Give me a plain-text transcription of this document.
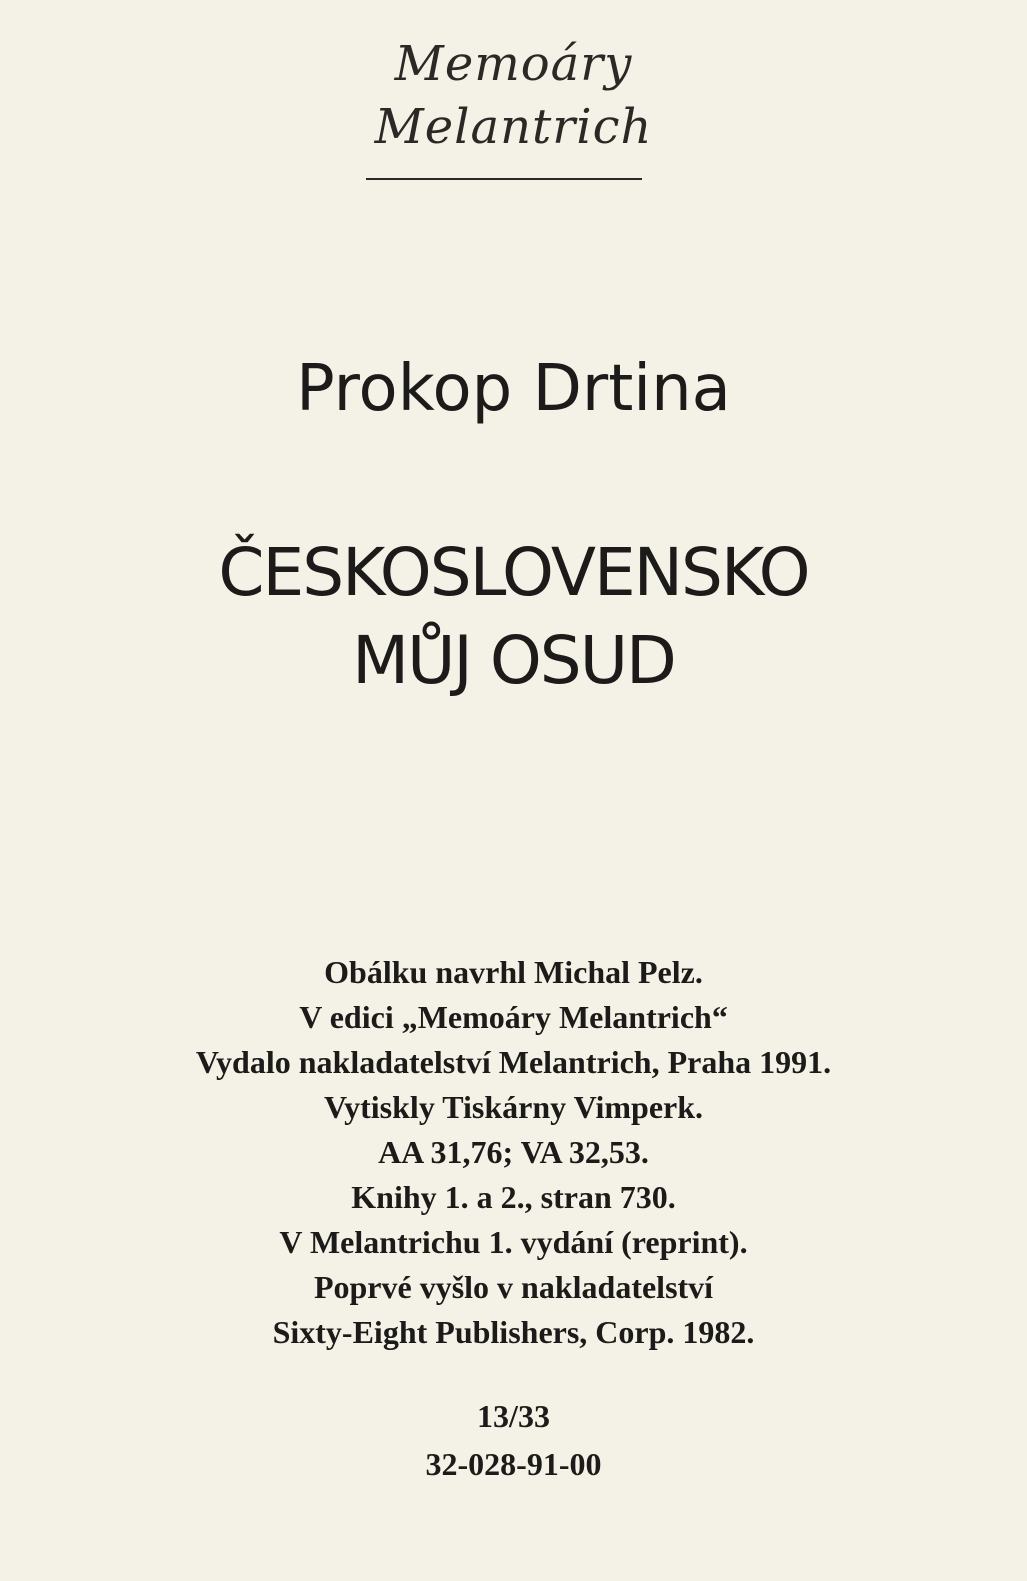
Memoáry
Melantrich
Prokop Drtina
ČESKOSLOVENSKO
MŮJ OSUD
Obálku navrhl Michal Pelz.
V edici „Memoáry Melantrich“
Vydalo nakladatelství Melantrich, Praha 1991.
Vytiskly Tiskárny Vimperk.
AA 31,76; VA 32,53.
Knihy 1. a 2., stran 730.
V Melantrichu 1. vydání (reprint).
Poprvé vyšlo v nakladatelství
Sixty-Eight Publishers, Corp. 1982.
13/33
32-028-91-00
